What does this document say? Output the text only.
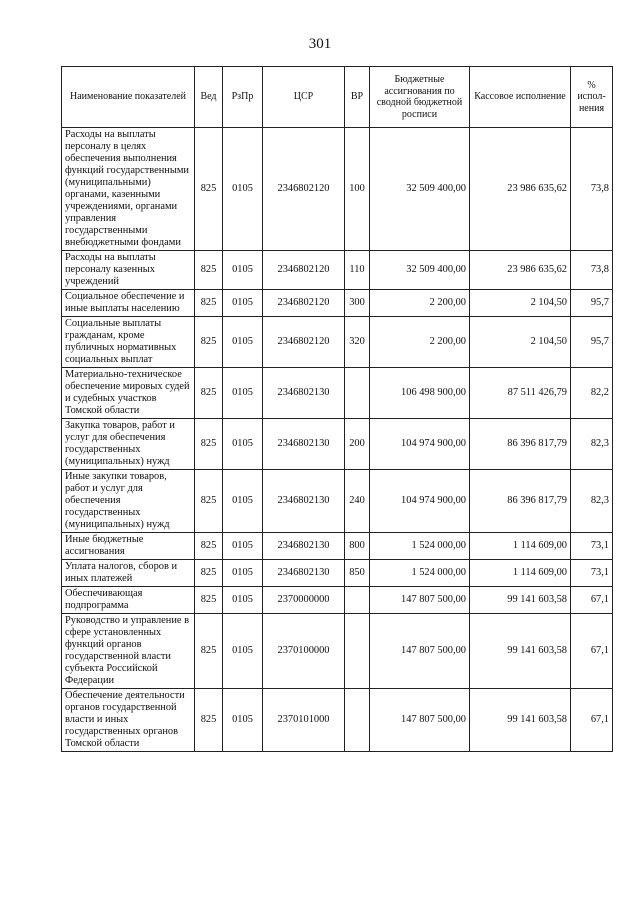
301
Наименование показателей	Вед	РзПр	ЦСР	ВР	Бюджетные ассигнования по сводной бюджетной росписи	Кассовое исполнение	% испол-нения
Расходы на выплаты персоналу в целях обеспечения выполнения функций государственными (муниципальными) органами, казенными учреждениями, органами управления государственными внебюджетными фондами	825	0105	2346802120	100	32 509 400,00	23 986 635,62	73,8
Расходы на выплаты персоналу казенных учреждений	825	0105	2346802120	110	32 509 400,00	23 986 635,62	73,8
Социальное обеспечение и иные выплаты населению	825	0105	2346802120	300	2 200,00	2 104,50	95,7
Социальные выплаты гражданам, кроме публичных нормативных социальных выплат	825	0105	2346802120	320	2 200,00	2 104,50	95,7
Материально-техническое обеспечение мировых судей и судебных участков Томской области	825	0105	2346802130		106 498 900,00	87 511 426,79	82,2
Закупка товаров, работ и услуг для обеспечения государственных (муниципальных) нужд	825	0105	2346802130	200	104 974 900,00	86 396 817,79	82,3
Иные закупки товаров, работ и услуг для обеспечения государственных (муниципальных) нужд	825	0105	2346802130	240	104 974 900,00	86 396 817,79	82,3
Иные бюджетные ассигнования	825	0105	2346802130	800	1 524 000,00	1 114 609,00	73,1
Уплата налогов, сборов и иных платежей	825	0105	2346802130	850	1 524 000,00	1 114 609,00	73,1
Обеспечивающая подпрограмма	825	0105	2370000000		147 807 500,00	99 141 603,58	67,1
Руководство и управление в сфере установленных функций органов государственной власти субъекта Российской Федерации	825	0105	2370100000		147 807 500,00	99 141 603,58	67,1
Обеспечение деятельности органов государственной власти и иных государственных органов Томской области	825	0105	2370101000		147 807 500,00	99 141 603,58	67,1
